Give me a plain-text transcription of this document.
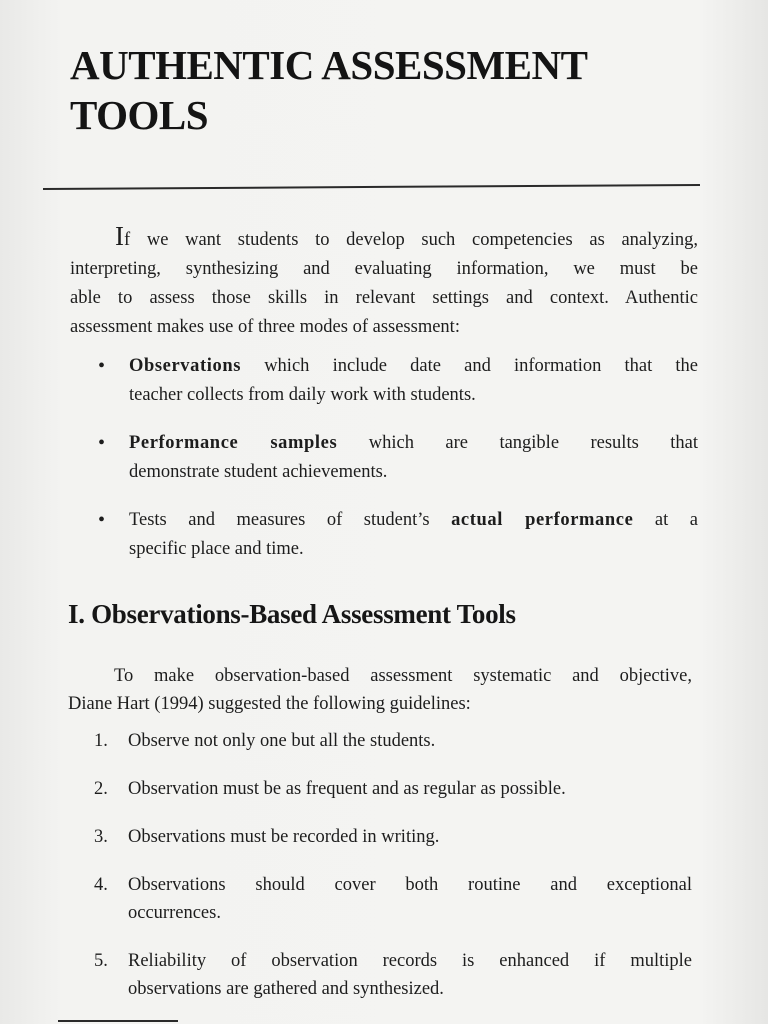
AUTHENTIC ASSESSMENT
TOOLS

If we want students to develop such competencies as analyzing,
interpreting, synthesizing and evaluating information, we must be
able to assess those skills in relevant settings and context. Authentic
assessment makes use of three modes of assessment:

• Observations which include date and information that the
teacher collects from daily work with students.
• Performance samples which are tangible results that
demonstrate student achievements.
• Tests and measures of student’s actual performance at a
specific place and time.
I. Observations-Based Assessment Tools

To make observation-based assessment systematic and objective,
Diane Hart (1994) suggested the following guidelines:

1. Observe not only one but all the students.
2. Observation must be as frequent and as regular as possible.
3. Observations must be recorded in writing.
4. Observations should cover both routine and exceptional
occurrences.
5. Reliability of observation records is enhanced if multiple
observations are gathered and synthesized.
